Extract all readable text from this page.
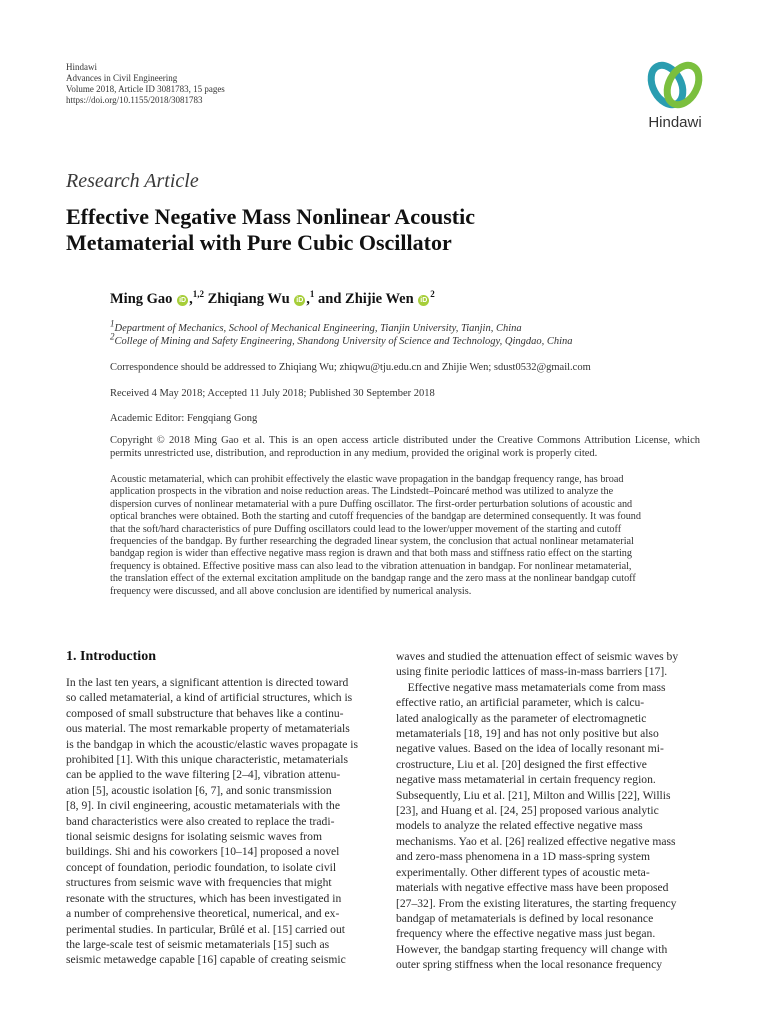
Hindawi
Advances in Civil Engineering
Volume 2018, Article ID 3081783, 15 pages
https://doi.org/10.1155/2018/3081783
Hindawi
Research Article
Effective Negative Mass Nonlinear Acoustic
Metamaterial with Pure Cubic Oscillator
Ming Gao iD ,$^{1,2}$ Zhiqiang Wu iD ,$^1$ and Zhijie Wen $iD^2$
$^1$Department of Mechanics, School of Mechanical Engineering, Tianjin University, Tianjin, China
$^2$College of Mining and Safety Engineering, Shandong University of Science and Technology, Qingdao, China
Correspondence should be addressed to Zhiqiang Wu; zhiqwu@tju.edu.cn and Zhijie Wen; sdust0532@gmail.com
Received 4 May 2018; Accepted 11 July 2018; Published 30 September 2018
Academic Editor: Fengqiang Gong
Copyright © 2018 Ming Gao et al. This is an open access article distributed under the Creative Commons Attribution License, which permits unrestricted use, distribution, and reproduction in any medium, provided the original work is properly cited.
Acoustic metamaterial, which can prohibit effectively the elastic wave propagation in the bandgap frequency range, has broad
application prospects in the vibration and noise reduction areas. The Lindstedt–Poincaré method was utilized to analyze the
dispersion curves of nonlinear metamaterial with a pure Duffing oscillator. The first-order perturbation solutions of acoustic and
optical branches were obtained. Both the starting and cutoff frequencies of the bandgap are determined consequently. It was found
that the soft/hard characteristics of pure Duffing oscillators could lead to the lower/upper movement of the starting and cutoff
frequencies of the bandgap. By further researching the degraded linear system, the conclusion that actual nonlinear metamaterial
bandgap region is wider than effective negative mass region is drawn and that both mass and stiffness ratio effect on the starting
frequency is obtained. Effective positive mass can also lead to the vibration attenuation in bandgap. For nonlinear metamaterial,
the translation effect of the external excitation amplitude on the bandgap range and the zero mass at the nonlinear bandgap cutoff
frequency were discussed, and all above conclusion are identified by numerical analysis.
1. Introduction
In the last ten years, a significant attention is directed toward
so called metamaterial, a kind of artificial structures, which is
composed of small substructure that behaves like a continu-
ous material. The most remarkable property of metamaterials
is the bandgap in which the acoustic/elastic waves propagate is
prohibited [1]. With this unique characteristic, metamaterials
can be applied to the wave filtering [2–4], vibration attenu-
ation [5], acoustic isolation [6, 7], and sonic transmission
[8, 9]. In civil engineering, acoustic metamaterials with the
band characteristics were also created to replace the tradi-
tional seismic designs for isolating seismic waves from
buildings. Shi and his coworkers [10–14] proposed a novel
concept of foundation, periodic foundation, to isolate civil
structures from seismic wave with frequencies that might
resonate with the structures, which has been investigated in
a number of comprehensive theoretical, numerical, and ex-
perimental studies. In particular, Brûlé et al. [15] carried out
the large-scale test of seismic metamaterials [15] such as
seismic metawedge capable [16] capable of creating seismic
waves and studied the attenuation effect of seismic waves by
using finite periodic lattices of mass-in-mass barriers [17].
Effective negative mass metamaterials come from mass
effective ratio, an artificial parameter, which is calcu-
lated analogically as the parameter of electromagnetic
metamaterials [18, 19] and has not only positive but also
negative values. Based on the idea of locally resonant mi-
crostructure, Liu et al. [20] designed the first effective
negative mass metamaterial in certain frequency region.
Subsequently, Liu et al. [21], Milton and Willis [22], Willis
[23], and Huang et al. [24, 25] proposed various analytic
models to analyze the related effective negative mass
mechanisms. Yao et al. [26] realized effective negative mass
and zero-mass phenomena in a 1D mass-spring system
experimentally. Other different types of acoustic meta-
materials with negative effective mass have been proposed
[27–32]. From the existing literatures, the starting frequency
bandgap of metamaterials is defined by local resonance
frequency where the effective negative mass just began.
However, the bandgap starting frequency will change with
outer spring stiffness when the local resonance frequency
